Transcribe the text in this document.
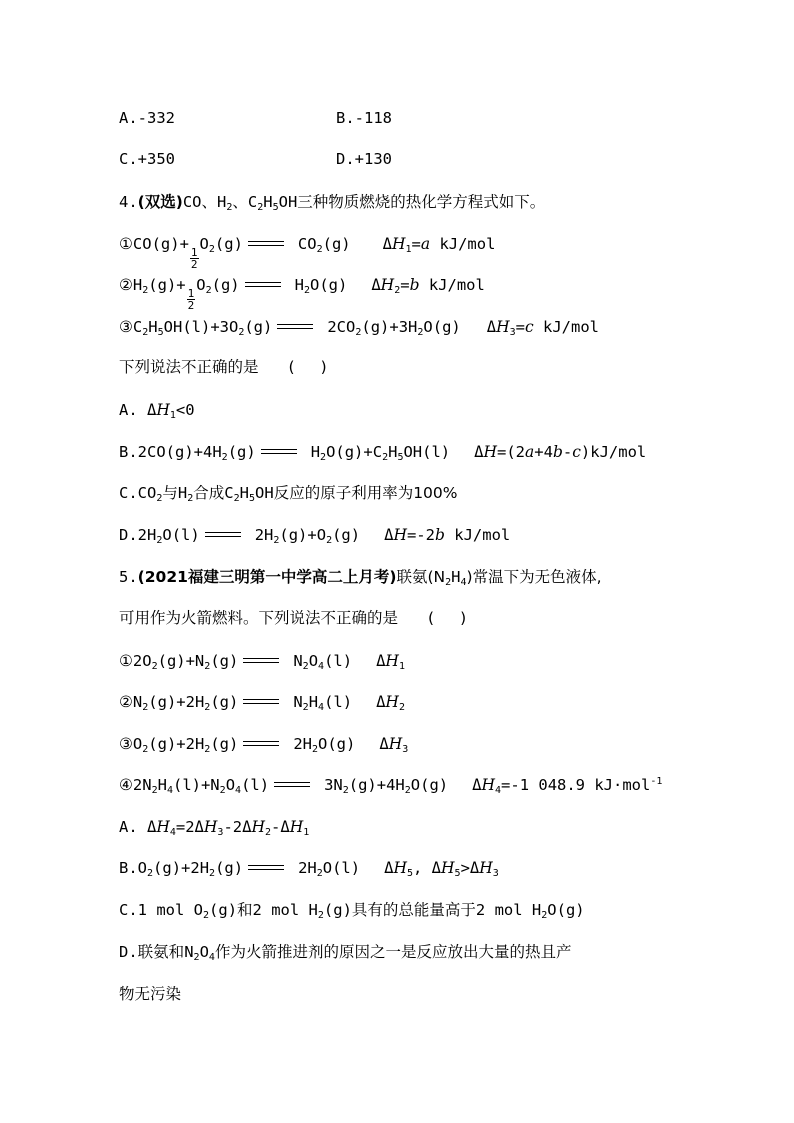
A.-332	B.-118
C.+350	D.+130
4.(双选)CO、$H_2$、$C_2H_5OH$三种物质燃烧的热化学方程式如下。
①CO(g)+
$\frac{1}{2}$
$O_2(g)$	$CO_2(g)$ $\Delta H_1=a$ kJ/mol
$②H_2(g)+$
$\frac{1}{2}$
$O_2(g)$	$H_2O(g)$ $\Delta H_2=b$ kJ/mol
$③C_2H_5OH(l)+3O_2(g)$	$2CO_2(g)+3H_2O(g)$ $\Delta H_3=c$ kJ/mol
下列说法不正确的是 ( )
A. $\Delta H_1<0$
$B.2CO(g)+4H_2(g)$	$H_2O(g)+C_2H_5OH(l)$ ΔH=(2a+4b-c)kJ/mol
$C.CO_2$与$H_2$合成$C_2H_5OH$反应的原子利用率为100%
$D.2H_2O(l)$	$2H_2(g)+O_2(g)$ ΔH=-2b kJ/mol
5.(2021福建三明第一中学高二上月考)联氨$(N_2H_4)$常温下为无色液体,
可用作为火箭燃料。下列说法不正确的是 ( )
$①2O_2(g)+N_2(g)$	$N_2O_4(l)$ $\Delta H_1$
$②N_2(g)+2H_2(g)$	$N_2H_4(l)$ $\Delta H_2$
$③O_2(g)+2H_2(g)$	$2H_2O(g)$ $\Delta H_3$
$④2N_2H_4(l)+N_2O_4(l)$	$3N_2(g)+4H_2O(g)$ $\Delta H_4=-1$ 048.9 kJ·mol$^{-1}$
A. $\Delta H_4=2\Delta H_3-2\Delta H_2-\Delta H_1$
$B.O_2(g)+2H_2(g)$	$2H_2O(l)$ $\Delta H_5$, $\Delta H_5>\Delta H_3$
C.1 mol $O_2(g)$和2 mol $H_2(g)$具有的总能量高于2 mol $H_2O(g)$
D.联氨和$N_2O_4$作为火箭推进剂的原因之一是反应放出大量的热且产
物无污染
